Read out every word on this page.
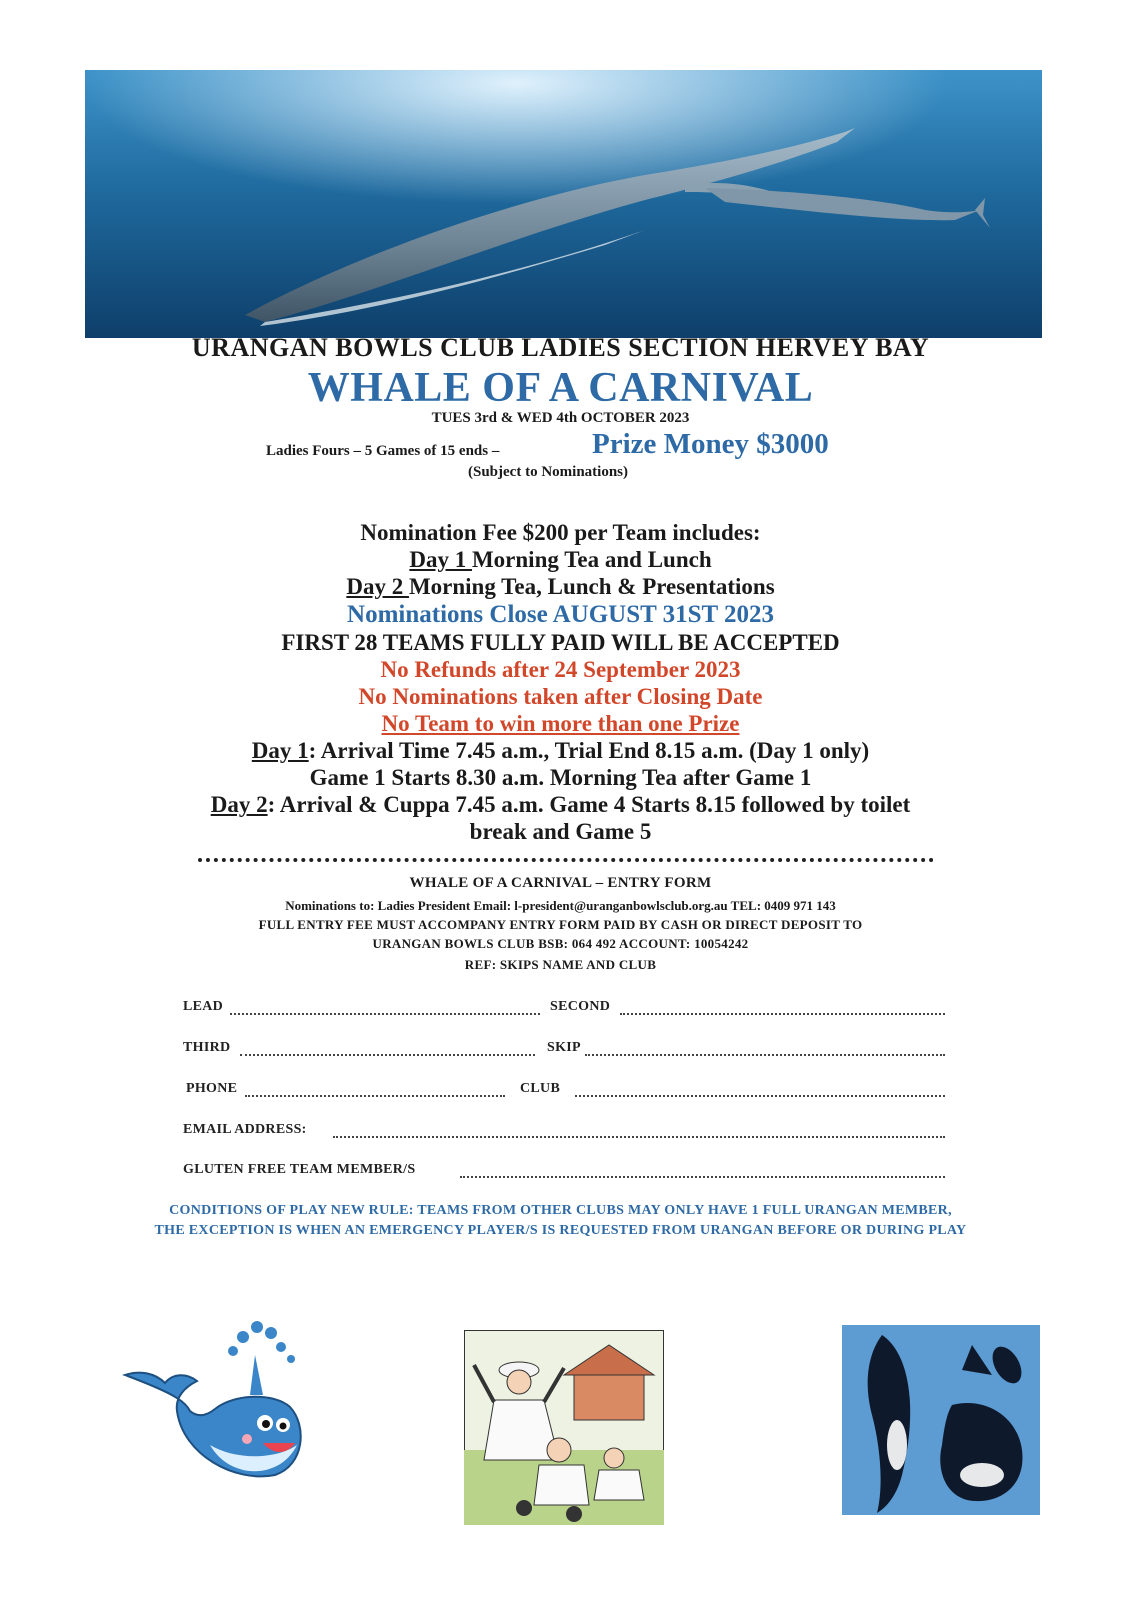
URANGAN BOWLS CLUB LADIES SECTION HERVEY BAY
WHALE OF A CARNIVAL
TUES 3rd & WED 4th OCTOBER 2023
Ladies Fours – 5 Games of 15 ends –	Prize Money $3000
(Subject to Nominations)
Nomination Fee $200 per Team includes:
Day 1 Morning Tea and Lunch
Day 2 Morning Tea, Lunch & Presentations
Nominations Close AUGUST 31ST 2023
FIRST 28 TEAMS FULLY PAID WILL BE ACCEPTED
No Refunds after 24 September 2023
No Nominations taken after Closing Date
No Team to win more than one Prize
Day 1: Arrival Time 7.45 a.m., Trial End 8.15 a.m. (Day 1 only)
Game 1 Starts 8.30 a.m. Morning Tea after Game 1
Day 2: Arrival & Cuppa 7.45 a.m. Game 4 Starts 8.15 followed by toilet
break and Game 5
WHALE OF A CARNIVAL – ENTRY FORM
Nominations to: Ladies President Email: l-president@uranganbowlsclub.org.au TEL: 0409 971 143
FULL ENTRY FEE MUST ACCOMPANY ENTRY FORM PAID BY CASH OR DIRECT DEPOSIT TO
URANGAN BOWLS CLUB BSB: 064 492 ACCOUNT: 10054242
REF: SKIPS NAME AND CLUB
LEAD	SECOND
THIRD	SKIP
PHONE	CLUB
EMAIL ADDRESS:
GLUTEN FREE TEAM MEMBER/S
CONDITIONS OF PLAY NEW RULE: TEAMS FROM OTHER CLUBS MAY ONLY HAVE 1 FULL URANGAN MEMBER,
THE EXCEPTION IS WHEN AN EMERGENCY PLAYER/S IS REQUESTED FROM URANGAN BEFORE OR DURING PLAY
